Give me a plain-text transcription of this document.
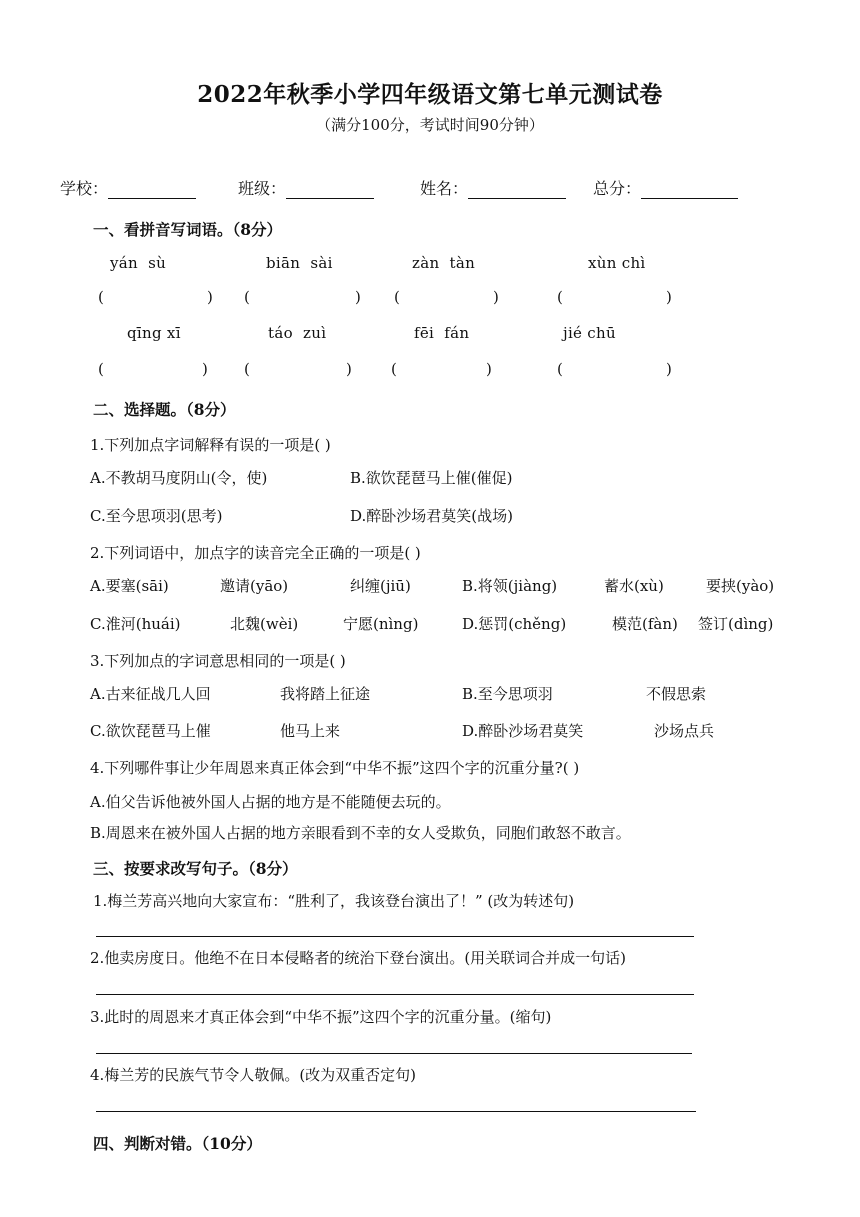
2022年秋季小学四年级语文第七单元测试卷
（满分100分，考试时间90分钟）
学校：	班级：	姓名：	总分：
一、看拼音写词语。（8分）
yán  sù	biān  sài	zàn  tàn	xùn chì
(	) (	) (	)	(	)
qīng xī	táo  zuì	fēi  fán	jié chū
(	) (	)	(	)	(	)
二、选择题。（8分）
1.下列加点字词解释有误的一项是( )
A.不教胡马度阴山(令，使)	B.欲饮琵琶马上催(催促)
C.至今思项羽(思考)	D.醉卧沙场君莫笑(战场)
2.下列词语中，加点字的读音完全正确的一项是( )
A.要塞(sāi)	邀请(yāo)	纠缠(jiū)	B.将领(jiàng)	蓄水(xù)	要挟(yào)
C.淮河(huái)	北魏(wèi)	宁愿(nìng)	D.惩罚(chěng)	模范(fàn) 签订(dìng)
3.下列加点的字词意思相同的一项是( )
A.古来征战几人回	我将踏上征途	B.至今思项羽	不假思索
C.欲饮琵琶马上催	他马上来	D.醉卧沙场君莫笑	沙场点兵
4.下列哪件事让少年周恩来真正体会到“中华不振”这四个字的沉重分量?( )
A.伯父告诉他被外国人占据的地方是不能随便去玩的。
B.周恩来在被外国人占据的地方亲眼看到不幸的女人受欺负，同胞们敢怒不敢言。
三、按要求改写句子。（8分）
1.梅兰芳高兴地向大家宣布：“胜利了，我该登台演出了！” (改为转述句)
2.他卖房度日。他绝不在日本侵略者的统治下登台演出。(用关联词合并成一句话)
3.此时的周恩来才真正体会到“中华不振”这四个字的沉重分量。(缩句)
4.梅兰芳的民族气节令人敬佩。(改为双重否定句)
四、判断对错。（10分）
